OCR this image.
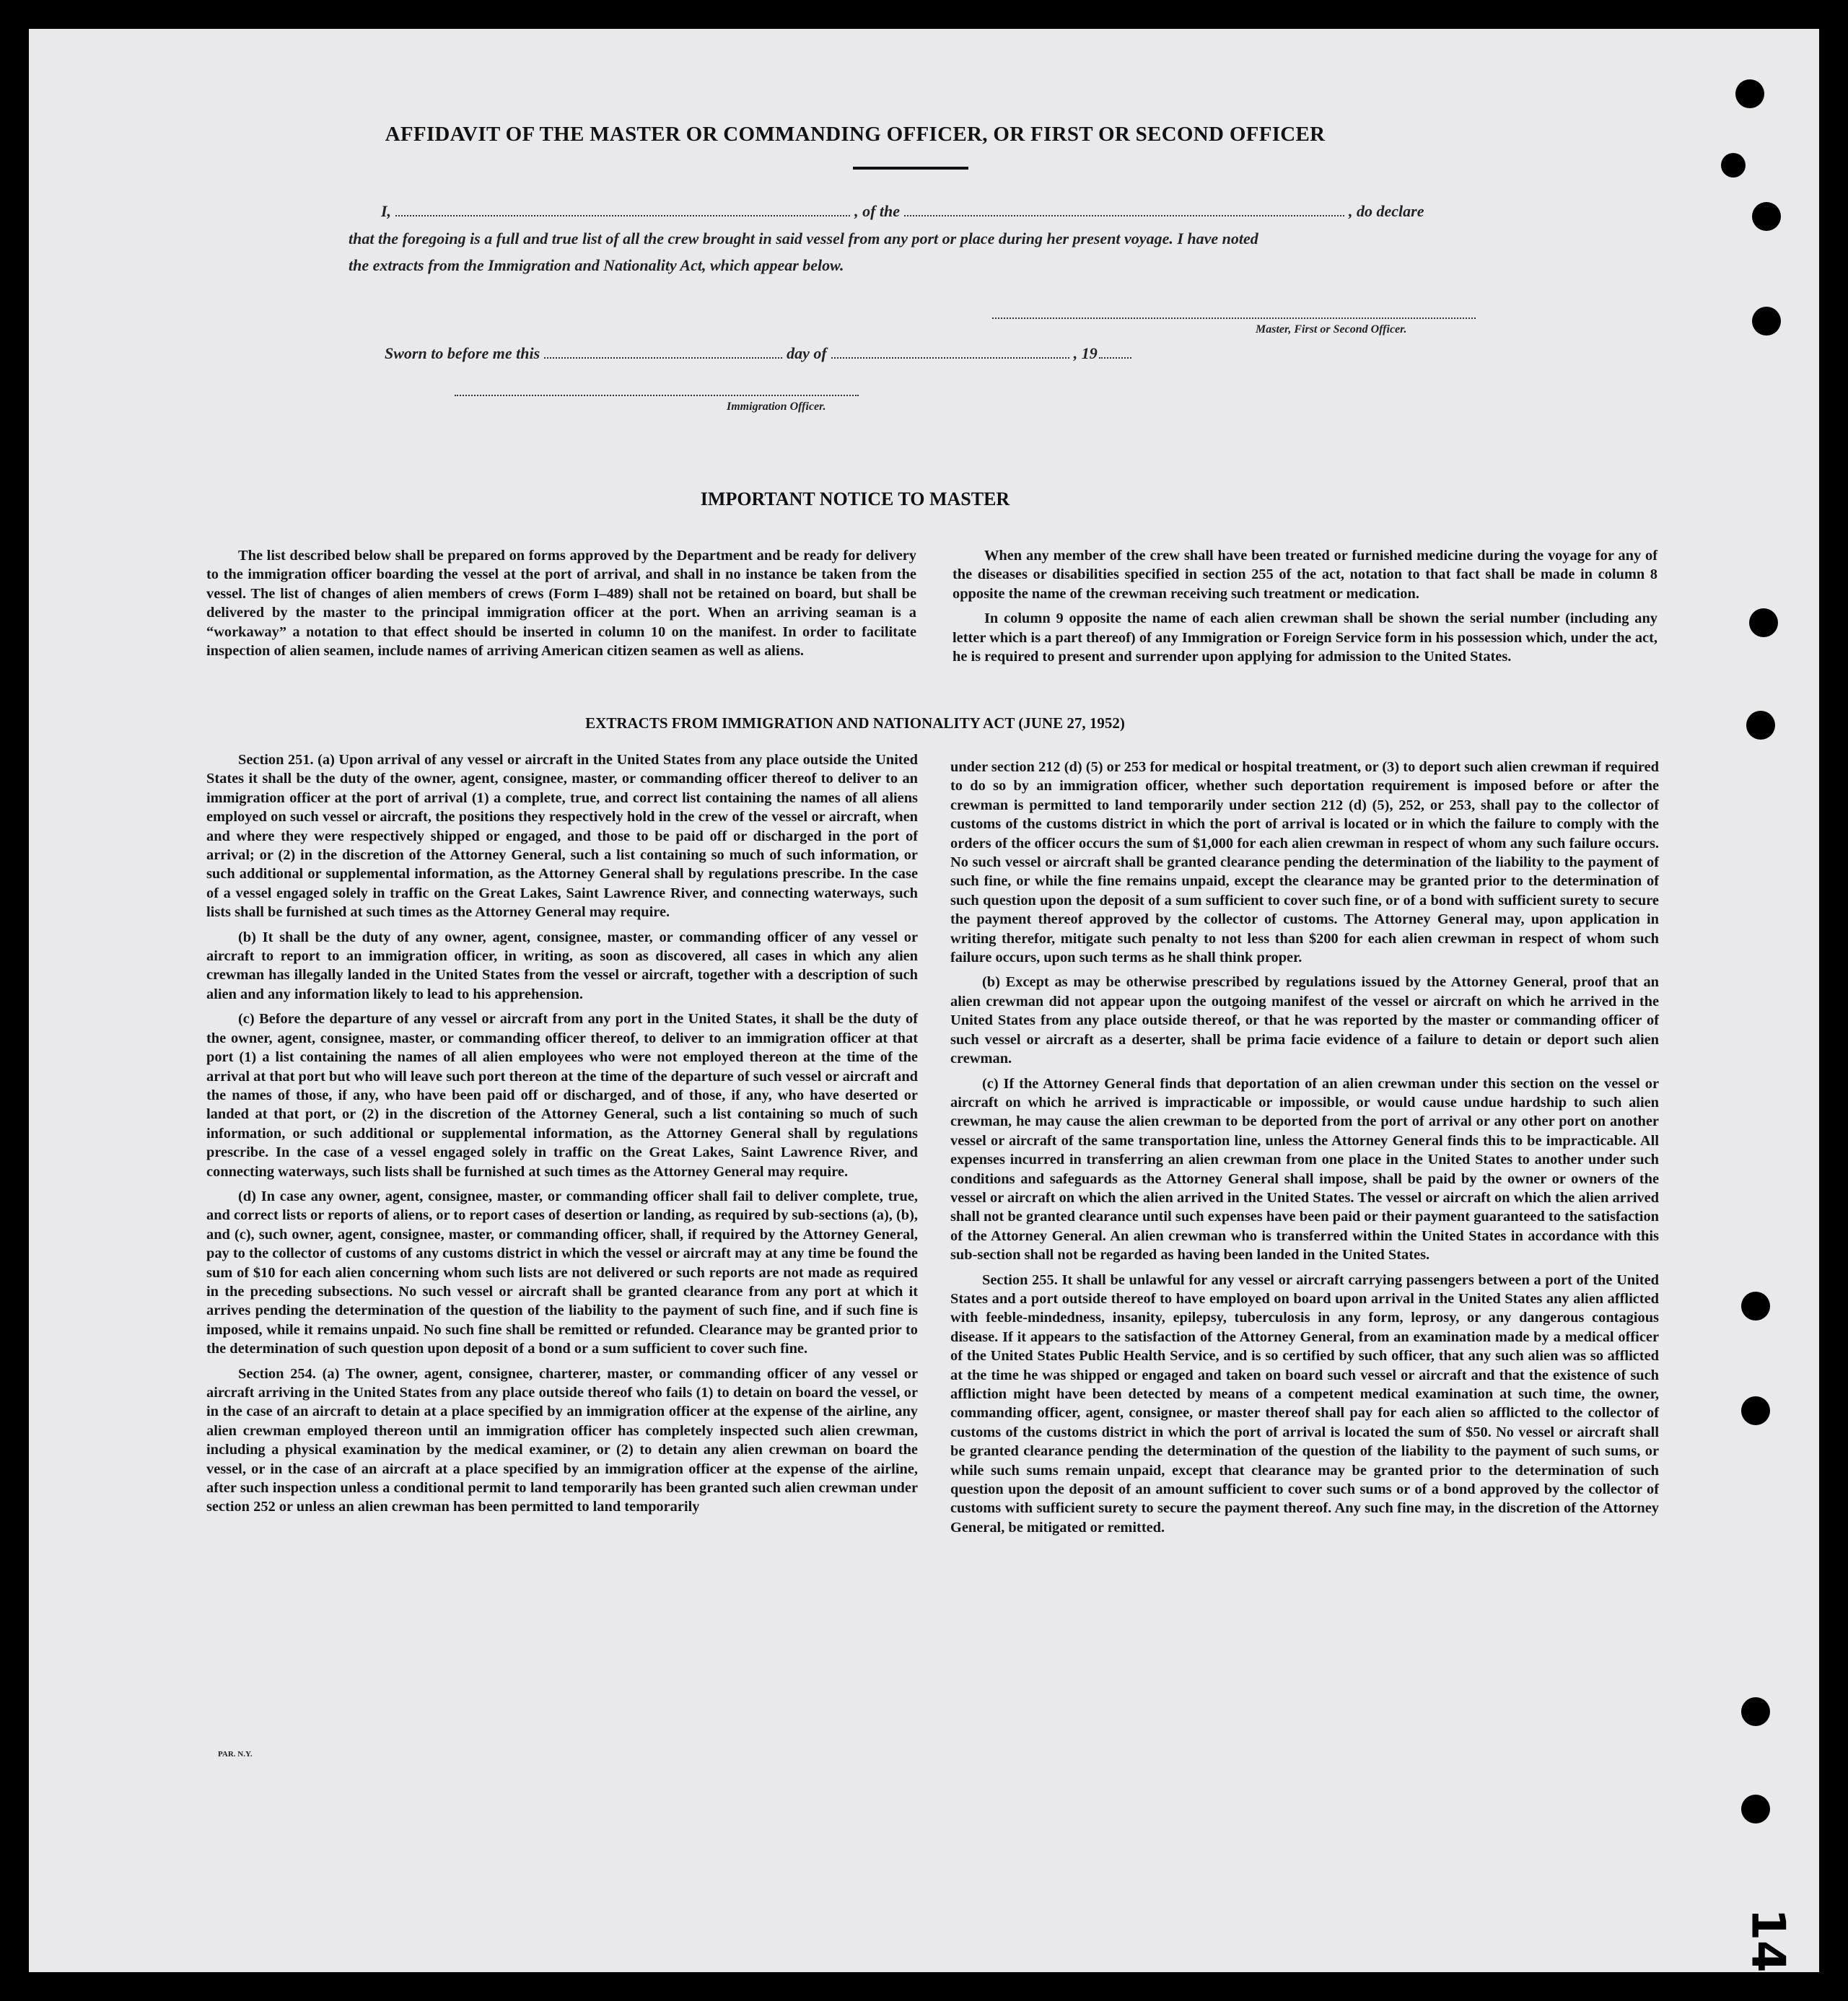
AFFIDAVIT OF THE MASTER OR COMMANDING OFFICER, OR FIRST OR SECOND OFFICER
I,	, of the	, do declare
that the foregoing is a full and true list of all the crew brought in said vessel from any port or place during her present voyage. I have noted
the extracts from the Immigration and Nationality Act, which appear below.
Master, First or Second Officer.
Sworn to before me this	day of	, 19
Immigration Officer.
IMPORTANT NOTICE TO MASTER

The list described below shall be prepared on forms approved by the Department and be ready for delivery to the immigration officer boarding the vessel at the port of arrival, and shall in no instance be taken from the vessel. The list of changes of alien members of crews (Form I–489) shall not be retained on board, but shall be delivered by the master to the principal immigration officer at the port. When an arriving seaman is a “workaway” a notation to that effect should be inserted in column 10 on the manifest. In order to facilitate inspection of alien seamen, include names of arriving American citizen seamen as well as aliens.

When any member of the crew shall have been treated or furnished medicine during the voyage for any of the diseases or disabilities specified in section 255 of the act, notation to that fact shall be made in column 8 opposite the name of the crewman receiving such treatment or medication.

In column 9 opposite the name of each alien crewman shall be shown the serial number (including any letter which is a part thereof) of any Immigration or Foreign Service form in his possession which, under the act, he is required to present and surrender upon applying for admission to the United States.

EXTRACTS FROM IMMIGRATION AND NATIONALITY ACT (JUNE 27, 1952)

Section 251. (a) Upon arrival of any vessel or aircraft in the United States from any place outside the United States it shall be the duty of the owner, agent, consignee, master, or commanding officer thereof to deliver to an immigration officer at the port of arrival (1) a complete, true, and correct list containing the names of all aliens employed on such vessel or aircraft, the positions they respectively hold in the crew of the vessel or aircraft, when and where they were respectively shipped or engaged, and those to be paid off or discharged in the port of arrival; or (2) in the discretion of the Attorney General, such a list containing so much of such information, or such additional or supplemental information, as the Attorney General shall by regulations prescribe. In the case of a vessel engaged solely in traffic on the Great Lakes, Saint Lawrence River, and connecting waterways, such lists shall be furnished at such times as the Attorney General may require.

(b) It shall be the duty of any owner, agent, consignee, master, or commanding officer of any vessel or aircraft to report to an immigration officer, in writing, as soon as discovered, all cases in which any alien crewman has illegally landed in the United States from the vessel or aircraft, together with a description of such alien and any information likely to lead to his apprehension.

(c) Before the departure of any vessel or aircraft from any port in the United States, it shall be the duty of the owner, agent, consignee, master, or commanding officer thereof, to deliver to an immigration officer at that port (1) a list containing the names of all alien employees who were not employed thereon at the time of the arrival at that port but who will leave such port thereon at the time of the departure of such vessel or aircraft and the names of those, if any, who have been paid off or discharged, and of those, if any, who have deserted or landed at that port, or (2) in the discretion of the Attorney General, such a list containing so much of such information, or such additional or supplemental information, as the Attorney General shall by regulations prescribe. In the case of a vessel engaged solely in traffic on the Great Lakes, Saint Lawrence River, and connecting waterways, such lists shall be furnished at such times as the Attorney General may require.

(d) In case any owner, agent, consignee, master, or commanding officer shall fail to deliver complete, true, and correct lists or reports of aliens, or to report cases of desertion or landing, as required by sub-sections (a), (b), and (c), such owner, agent, consignee, master, or commanding officer, shall, if required by the Attorney General, pay to the collector of customs of any customs district in which the vessel or aircraft may at any time be found the sum of $10 for each alien concerning whom such lists are not delivered or such reports are not made as required in the preceding subsections. No such vessel or aircraft shall be granted clearance from any port at which it arrives pending the determination of the question of the liability to the payment of such fine, and if such fine is imposed, while it remains unpaid. No such fine shall be remitted or refunded. Clearance may be granted prior to the determination of such question upon deposit of a bond or a sum sufficient to cover such fine.

Section 254. (a) The owner, agent, consignee, charterer, master, or commanding officer of any vessel or aircraft arriving in the United States from any place outside thereof who fails (1) to detain on board the vessel, or in the case of an aircraft to detain at a place specified by an immigration officer at the expense of the airline, any alien crewman employed thereon until an immigration officer has completely inspected such alien crewman, including a physical examination by the medical examiner, or (2) to detain any alien crewman on board the vessel, or in the case of an aircraft at a place specified by an immigration officer at the expense of the airline, after such inspection unless a conditional permit to land temporarily has been granted such alien crewman under section 252 or unless an alien crewman has been permitted to land temporarily

under section 212 (d) (5) or 253 for medical or hospital treatment, or (3) to deport such alien crewman if required to do so by an immigration officer, whether such deportation requirement is imposed before or after the crewman is permitted to land temporarily under section 212 (d) (5), 252, or 253, shall pay to the collector of customs of the customs district in which the port of arrival is located or in which the failure to comply with the orders of the officer occurs the sum of $1,000 for each alien crewman in respect of whom any such failure occurs. No such vessel or aircraft shall be granted clearance pending the determination of the liability to the payment of such fine, or while the fine remains unpaid, except the clearance may be granted prior to the determination of such question upon the deposit of a sum sufficient to cover such fine, or of a bond with sufficient surety to secure the payment thereof approved by the collector of customs. The Attorney General may, upon application in writing therefor, mitigate such penalty to not less than $200 for each alien crewman in respect of whom such failure occurs, upon such terms as he shall think proper.

(b) Except as may be otherwise prescribed by regulations issued by the Attorney General, proof that an alien crewman did not appear upon the outgoing manifest of the vessel or aircraft on which he arrived in the United States from any place outside thereof, or that he was reported by the master or commanding officer of such vessel or aircraft as a deserter, shall be prima facie evidence of a failure to detain or deport such alien crewman.

(c) If the Attorney General finds that deportation of an alien crewman under this section on the vessel or aircraft on which he arrived is impracticable or impossible, or would cause undue hardship to such alien crewman, he may cause the alien crewman to be deported from the port of arrival or any other port on another vessel or aircraft of the same transportation line, unless the Attorney General finds this to be impracticable. All expenses incurred in transferring an alien crewman from one place in the United States to another under such conditions and safeguards as the Attorney General shall impose, shall be paid by the owner or owners of the vessel or aircraft on which the alien arrived in the United States. The vessel or aircraft on which the alien arrived shall not be granted clearance until such expenses have been paid or their payment guaranteed to the satisfaction of the Attorney General. An alien crewman who is transferred within the United States in accordance with this sub-section shall not be regarded as having been landed in the United States.

Section 255. It shall be unlawful for any vessel or aircraft carrying passengers between a port of the United States and a port outside thereof to have employed on board upon arrival in the United States any alien afflicted with feeble-mindedness, insanity, epilepsy, tuberculosis in any form, leprosy, or any dangerous contagious disease. If it appears to the satisfaction of the Attorney General, from an examination made by a medical officer of the United States Public Health Service, and is so certified by such officer, that any such alien was so afflicted at the time he was shipped or engaged and taken on board such vessel or aircraft and that the existence of such affliction might have been detected by means of a competent medical examination at such time, the owner, commanding officer, agent, consignee, or master thereof shall pay for each alien so afflicted to the collector of customs of the customs district in which the port of arrival is located the sum of $50. No vessel or aircraft shall be granted clearance pending the determination of the question of the liability to the payment of such sums, or while such sums remain unpaid, except that clearance may be granted prior to the determination of such question upon the deposit of an amount sufficient to cover such sums or of a bond approved by the collector of customs with sufficient surety to secure the payment thereof. Any such fine may, in the discretion of the Attorney General, be mitigated or remitted.

PAR. N.Y.
14
